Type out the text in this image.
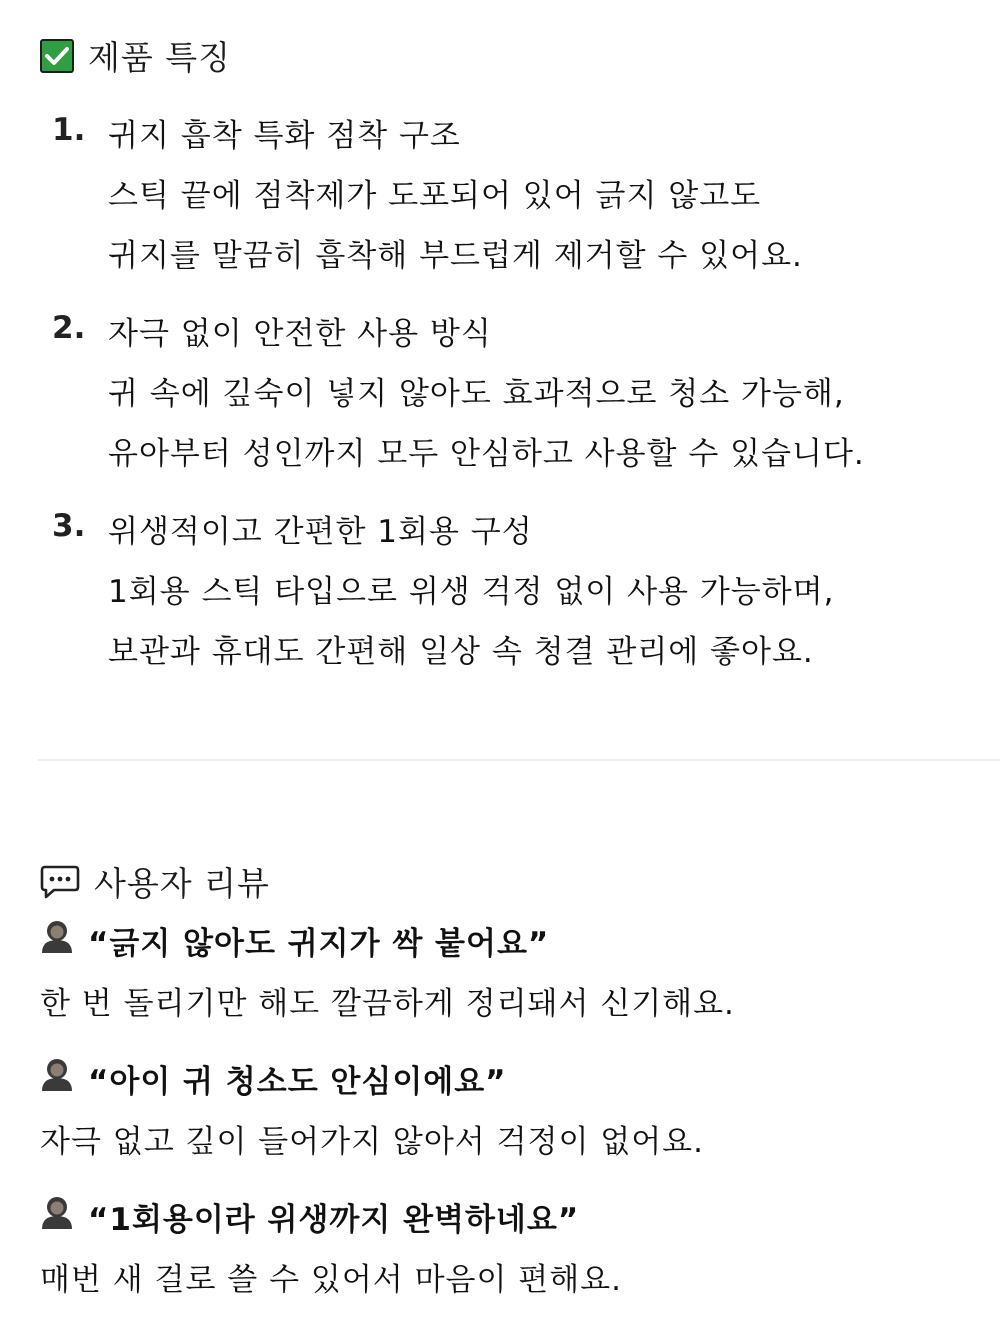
제품 특징
1. 귀지 흡착 특화 점착 구조
스틱 끝에 점착제가 도포되어 있어 긁지 않고도
귀지를 말끔히 흡착해 부드럽게 제거할 수 있어요.
2. 자극 없이 안전한 사용 방식
귀 속에 깊숙이 넣지 않아도 효과적으로 청소 가능해,
유아부터 성인까지 모두 안심하고 사용할 수 있습니다.
3. 위생적이고 간편한 1회용 구성
1회용 스틱 타입으로 위생 걱정 없이 사용 가능하며,
보관과 휴대도 간편해 일상 속 청결 관리에 좋아요.
사용자 리뷰
“긁지 않아도 귀지가 싹 붙어요”
한 번 돌리기만 해도 깔끔하게 정리돼서 신기해요.
“아이 귀 청소도 안심이에요”
자극 없고 깊이 들어가지 않아서 걱정이 없어요.
“1회용이라 위생까지 완벽하네요”
매번 새 걸로 쓸 수 있어서 마음이 편해요.
